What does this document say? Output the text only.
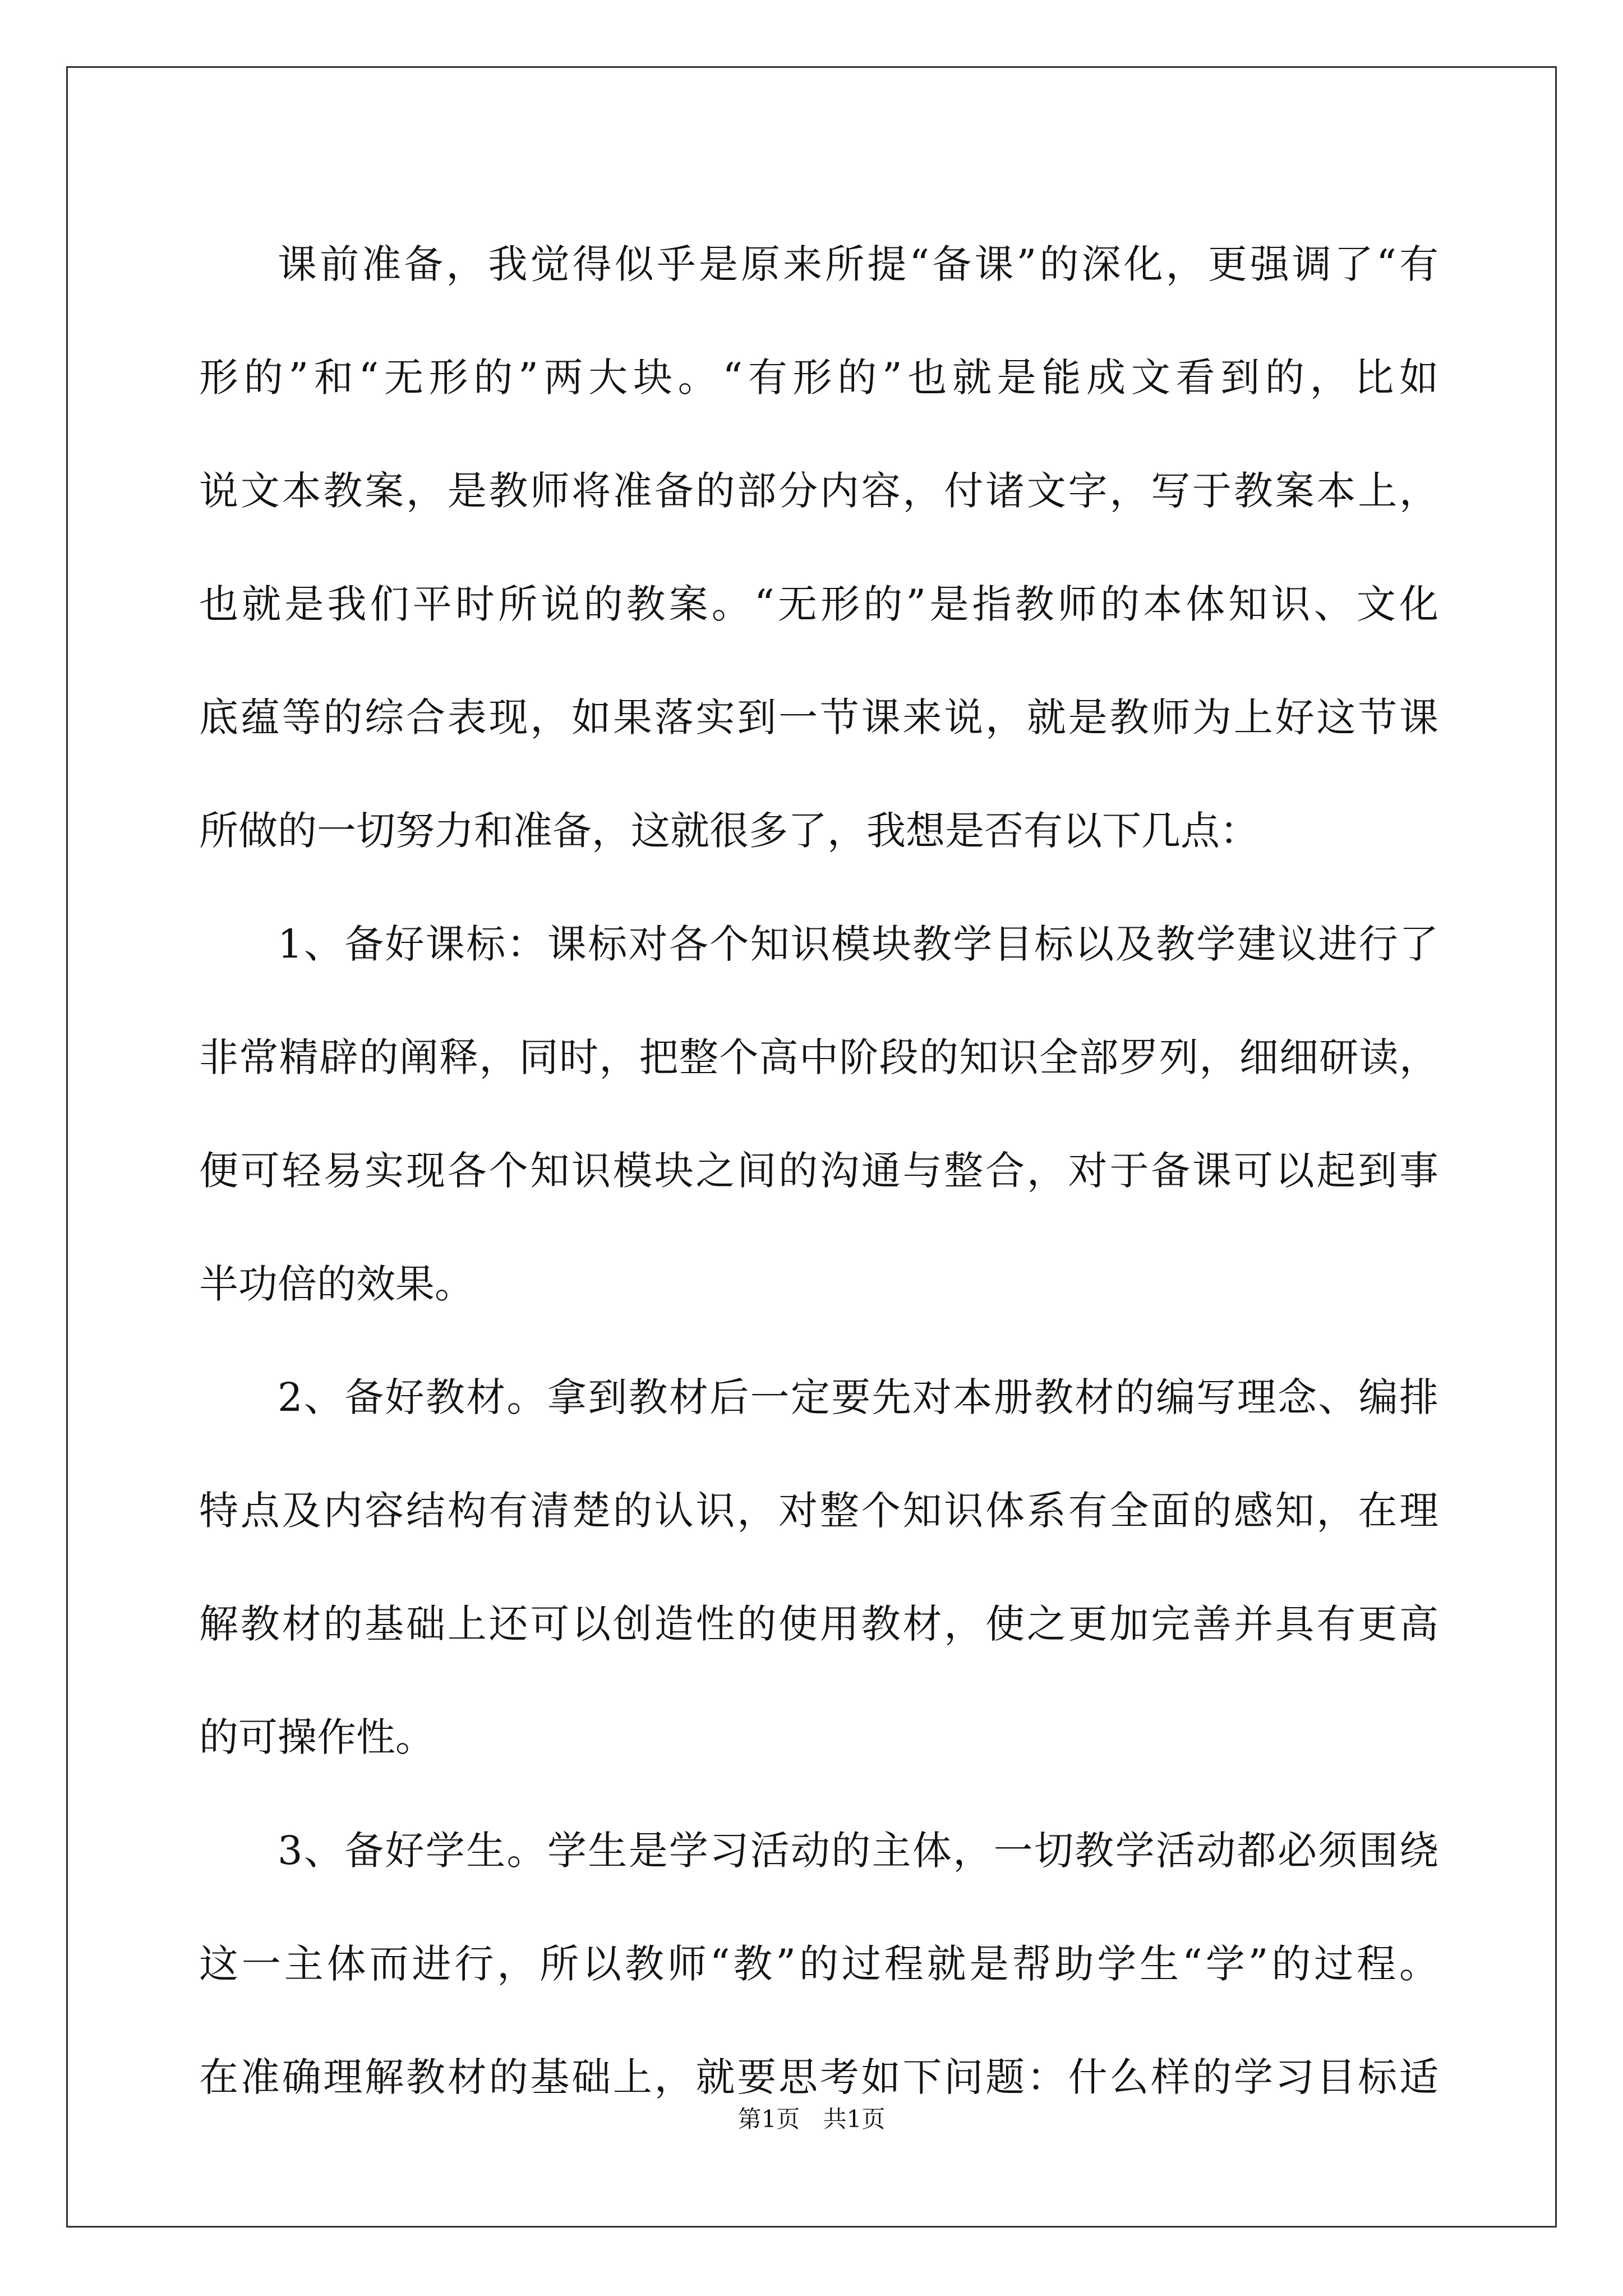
课前准备，我觉得似乎是原来所提“备课”的深化，更强调了“有
形的”和“无形的”两大块。“有形的”也就是能成文看到的，比如
说文本教案，是教师将准备的部分内容，付诸文字，写于教案本上，
也就是我们平时所说的教案。“无形的”是指教师的本体知识、文化
底蕴等的综合表现，如果落实到一节课来说，就是教师为上好这节课
所做的一切努力和准备，这就很多了，我想是否有以下几点：
1、备好课标：课标对各个知识模块教学目标以及教学建议进行了
非常精辟的阐释，同时，把整个高中阶段的知识全部罗列，细细研读，
便可轻易实现各个知识模块之间的沟通与整合，对于备课可以起到事
半功倍的效果。
2、备好教材。拿到教材后一定要先对本册教材的编写理念、编排
特点及内容结构有清楚的认识，对整个知识体系有全面的感知，在理
解教材的基础上还可以创造性的使用教材，使之更加完善并具有更高
的可操作性。
3、备好学生。学生是学习活动的主体，一切教学活动都必须围绕
这一主体而进行，所以教师“教”的过程就是帮助学生“学”的过程。
在准确理解教材的基础上，就要思考如下问题：什么样的学习目标适
第1页 共1页
